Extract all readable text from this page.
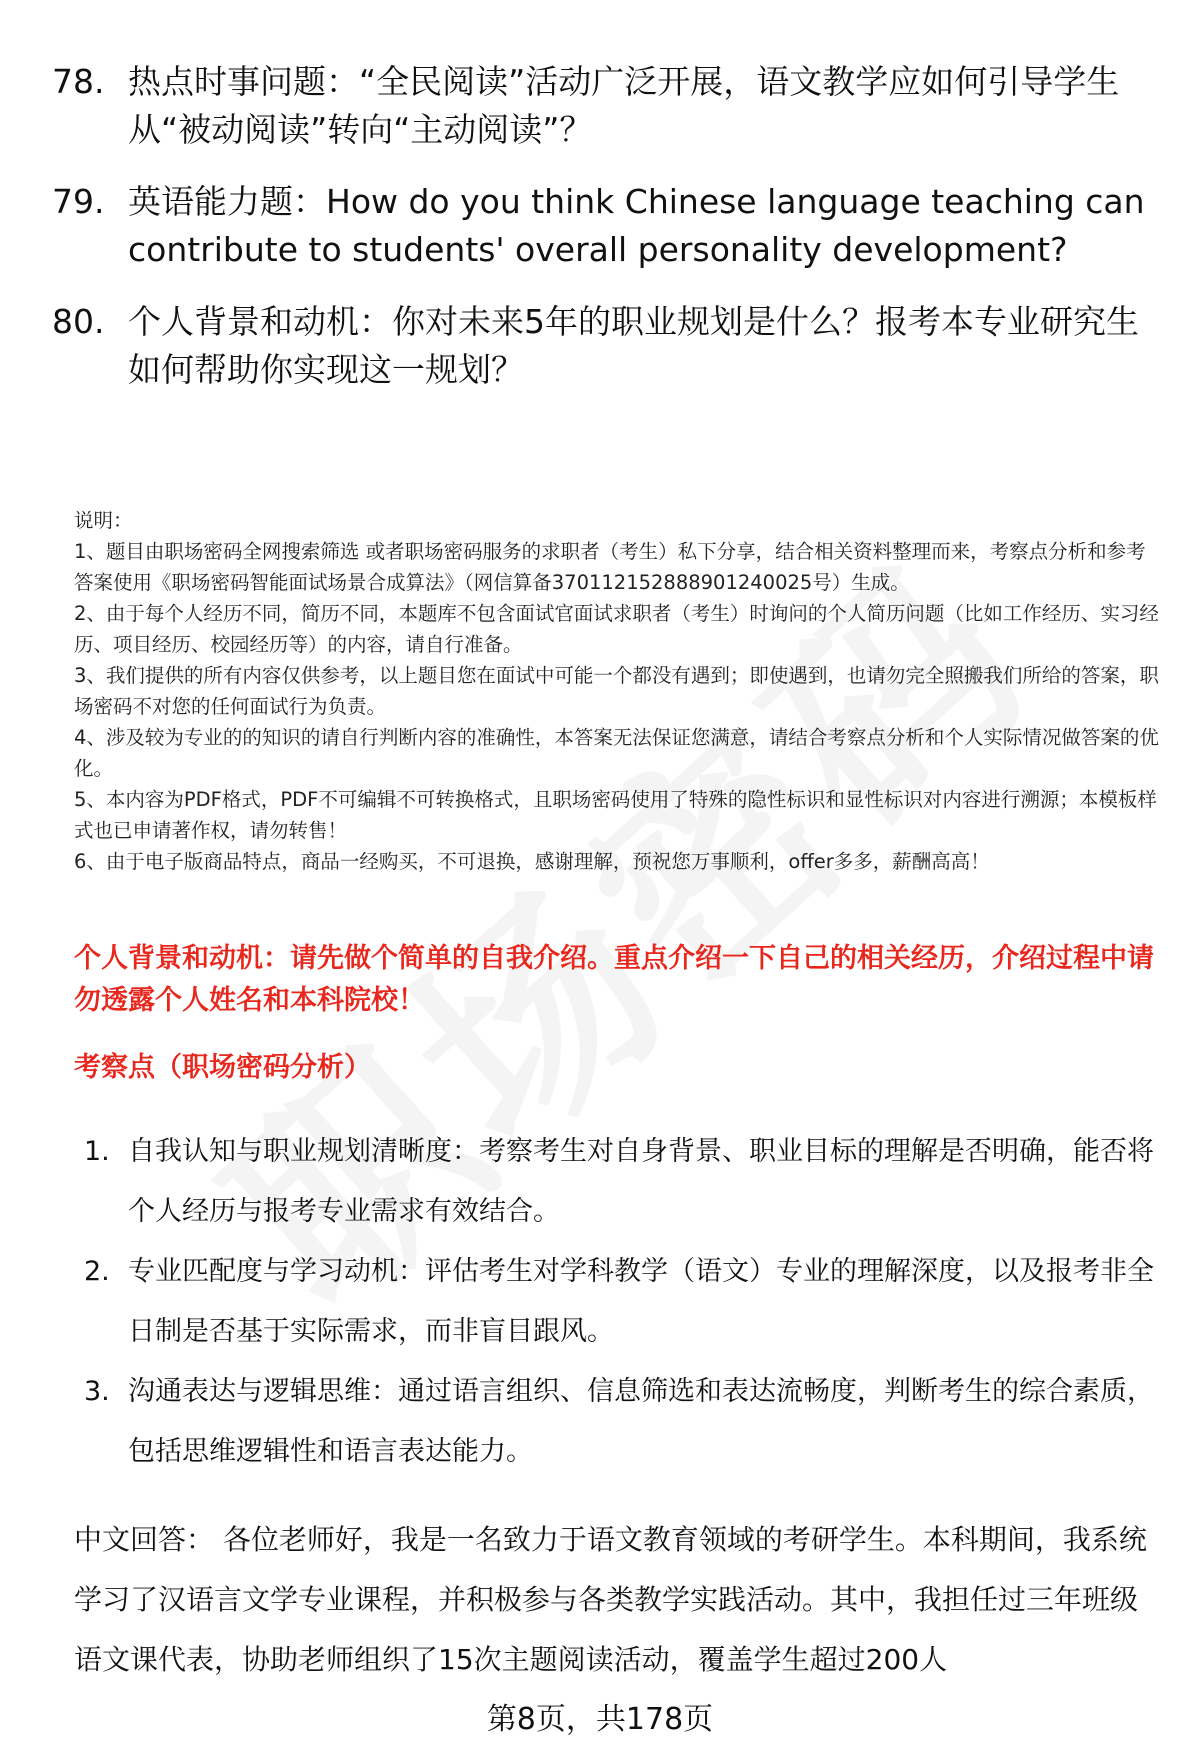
78. 热点时事问题：“全民阅读”活动广泛开展，语文教学应如何引导学生从“被动阅读”转向“主动阅读”？
79. 英语能力题：How do you think Chinese language teaching can contribute to students' overall personality development?
80. 个人背景和动机：你对未来5年的职业规划是什么？报考本专业研究生如何帮助你实现这一规划？

说明：

1、题目由职场密码全网搜索筛选 或者职场密码服务的求职者（考生）私下分享，结合相关资料整理而来，考察点分析和参考答案使用《职场密码智能面试场景合成算法》（网信算备370112152888901240025号）生成。

2、由于每个人经历不同，简历不同，本题库不包含面试官面试求职者（考生）时询问的个人简历问题（比如工作经历、实习经历、项目经历、校园经历等）的内容，请自行准备。

3、我们提供的所有内容仅供参考，以上题目您在面试中可能一个都没有遇到；即使遇到，也请勿完全照搬我们所给的答案，职场密码不对您的任何面试行为负责。

4、涉及较为专业的的知识的请自行判断内容的准确性，本答案无法保证您满意，请结合考察点分析和个人实际情况做答案的优化。

5、本内容为PDF格式，PDF不可编辑不可转换格式，且职场密码使用了特殊的隐性标识和显性标识对内容进行溯源；本模板样式也已申请著作权，请勿转售！

6、由于电子版商品特点，商品一经购买，不可退换，感谢理解，预祝您万事顺利，offer多多，薪酬高高！

个人背景和动机：请先做个简单的自我介绍。重点介绍一下自己的相关经历，介绍过程中请勿透露个人姓名和本科院校！
考察点（职场密码分析）
1. 自我认知与职业规划清晰度：考察考生对自身背景、职业目标的理解是否明确，能否将个人经历与报考专业需求有效结合。
2. 专业匹配度与学习动机：评估考生对学科教学（语文）专业的理解深度，以及报考非全日制是否基于实际需求，而非盲目跟风。
3. 沟通表达与逻辑思维：通过语言组织、信息筛选和表达流畅度，判断考生的综合素质，包括思维逻辑性和语言表达能力。
中文回答： 各位老师好，我是一名致力于语文教育领域的考研学生。本科期间，我系统学习了汉语言文学专业课程，并积极参与各类教学实践活动。其中，我担任过三年班级语文课代表，协助老师组织了15次主题阅读活动，覆盖学生超过200人
第8页，共178页
